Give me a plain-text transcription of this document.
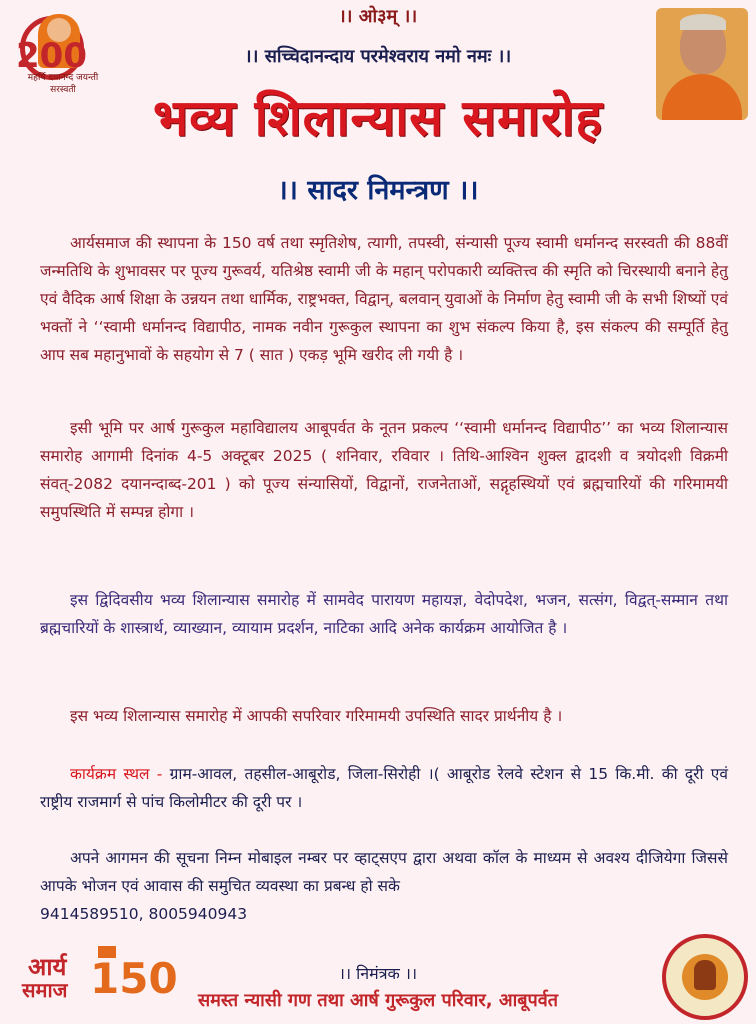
200
महर्षि दयानन्द जयन्ती
सरस्वती
।। ओ३म् ।।
।। सच्चिदानन्दाय परमेश्वराय नमो नमः ।।
भव्य शिलान्यास समारोह
।। सादर निमन्त्रण ।।
आर्यसमाज की स्थापना के 150 वर्ष तथा स्मृतिशेष, त्यागी, तपस्वी, संन्यासी पूज्य स्वामी धर्मानन्द सरस्वती की 88वीं जन्मतिथि के शुभावसर पर पूज्य गुरूवर्य, यतिश्रेष्ठ स्वामी जी के महान् परोपकारी व्यक्तित्त्व की स्मृति को चिरस्थायी बनाने हेतु एवं वैदिक आर्ष शिक्षा के उन्नयन तथा धार्मिक, राष्ट्रभक्त, विद्वान्, बलवान् युवाओं के निर्माण हेतु स्वामी जी के सभी शिष्यों एवं भक्तों ने ‘‘स्वामी धर्मानन्द विद्यापीठ, नामक नवीन गुरूकुल स्थापना का शुभ संकल्प किया है, इस संकल्प की सम्पूर्ति हेतु आप सब महानुभावों के सहयोग से 7 ( सात ) एकड़ भूमि खरीद ली गयी है ।
इसी भूमि पर आर्ष गुरूकुल महाविद्यालय आबूपर्वत के नूतन प्रकल्प ‘‘स्वामी धर्मानन्द विद्यापीठ’’ का भव्य शिलान्यास समारोह आगामी दिनांक 4-5 अक्टूबर 2025 ( शनिवार, रविवार । तिथि-आश्विन शुक्ल द्वादशी व त्रयोदशी विक्रमी संवत्-2082 दयानन्दाब्द-201 ) को पूज्य संन्यासियों, विद्वानों, राजनेताओं, सद्गृहस्थियों एवं ब्रह्मचारियों की गरिमामयी समुपस्थिति में सम्पन्न होगा ।
इस द्विदिवसीय भव्य शिलान्यास समारोह में सामवेद पारायण महायज्ञ, वेदोपदेश, भजन, सत्संग, विद्वत्-सम्मान तथा ब्रह्मचारियों के शास्त्रार्थ, व्याख्यान, व्यायाम प्रदर्शन, नाटिका आदि अनेक कार्यक्रम आयोजित है ।
इस भव्य शिलान्यास समारोह में आपकी सपरिवार गरिमामयी उपस्थिति सादर प्रार्थनीय है ।
कार्यक्रम स्थल - ग्राम-आवल, तहसील-आबूरोड, जिला-सिरोही ।( आबूरोड रेलवे स्टेशन से 15 कि.मी. की दूरी एवं राष्ट्रीय राजमार्ग से पांच किलोमीटर की दूरी पर ।
अपने आगमन की सूचना निम्न मोबाइल नम्बर पर व्हाट्सएप द्वारा अथवा कॉल के माध्यम से अवश्य दीजियेगा जिससे आपके भोजन एवं आवास की समुचित व्यवस्था का प्रबन्ध हो सके
9414589510, 8005940943
आर्य
समाज 150	।। निमंत्रक ।।
समस्त न्यासी गण तथा आर्ष गुरूकुल परिवार, आबूपर्वत
